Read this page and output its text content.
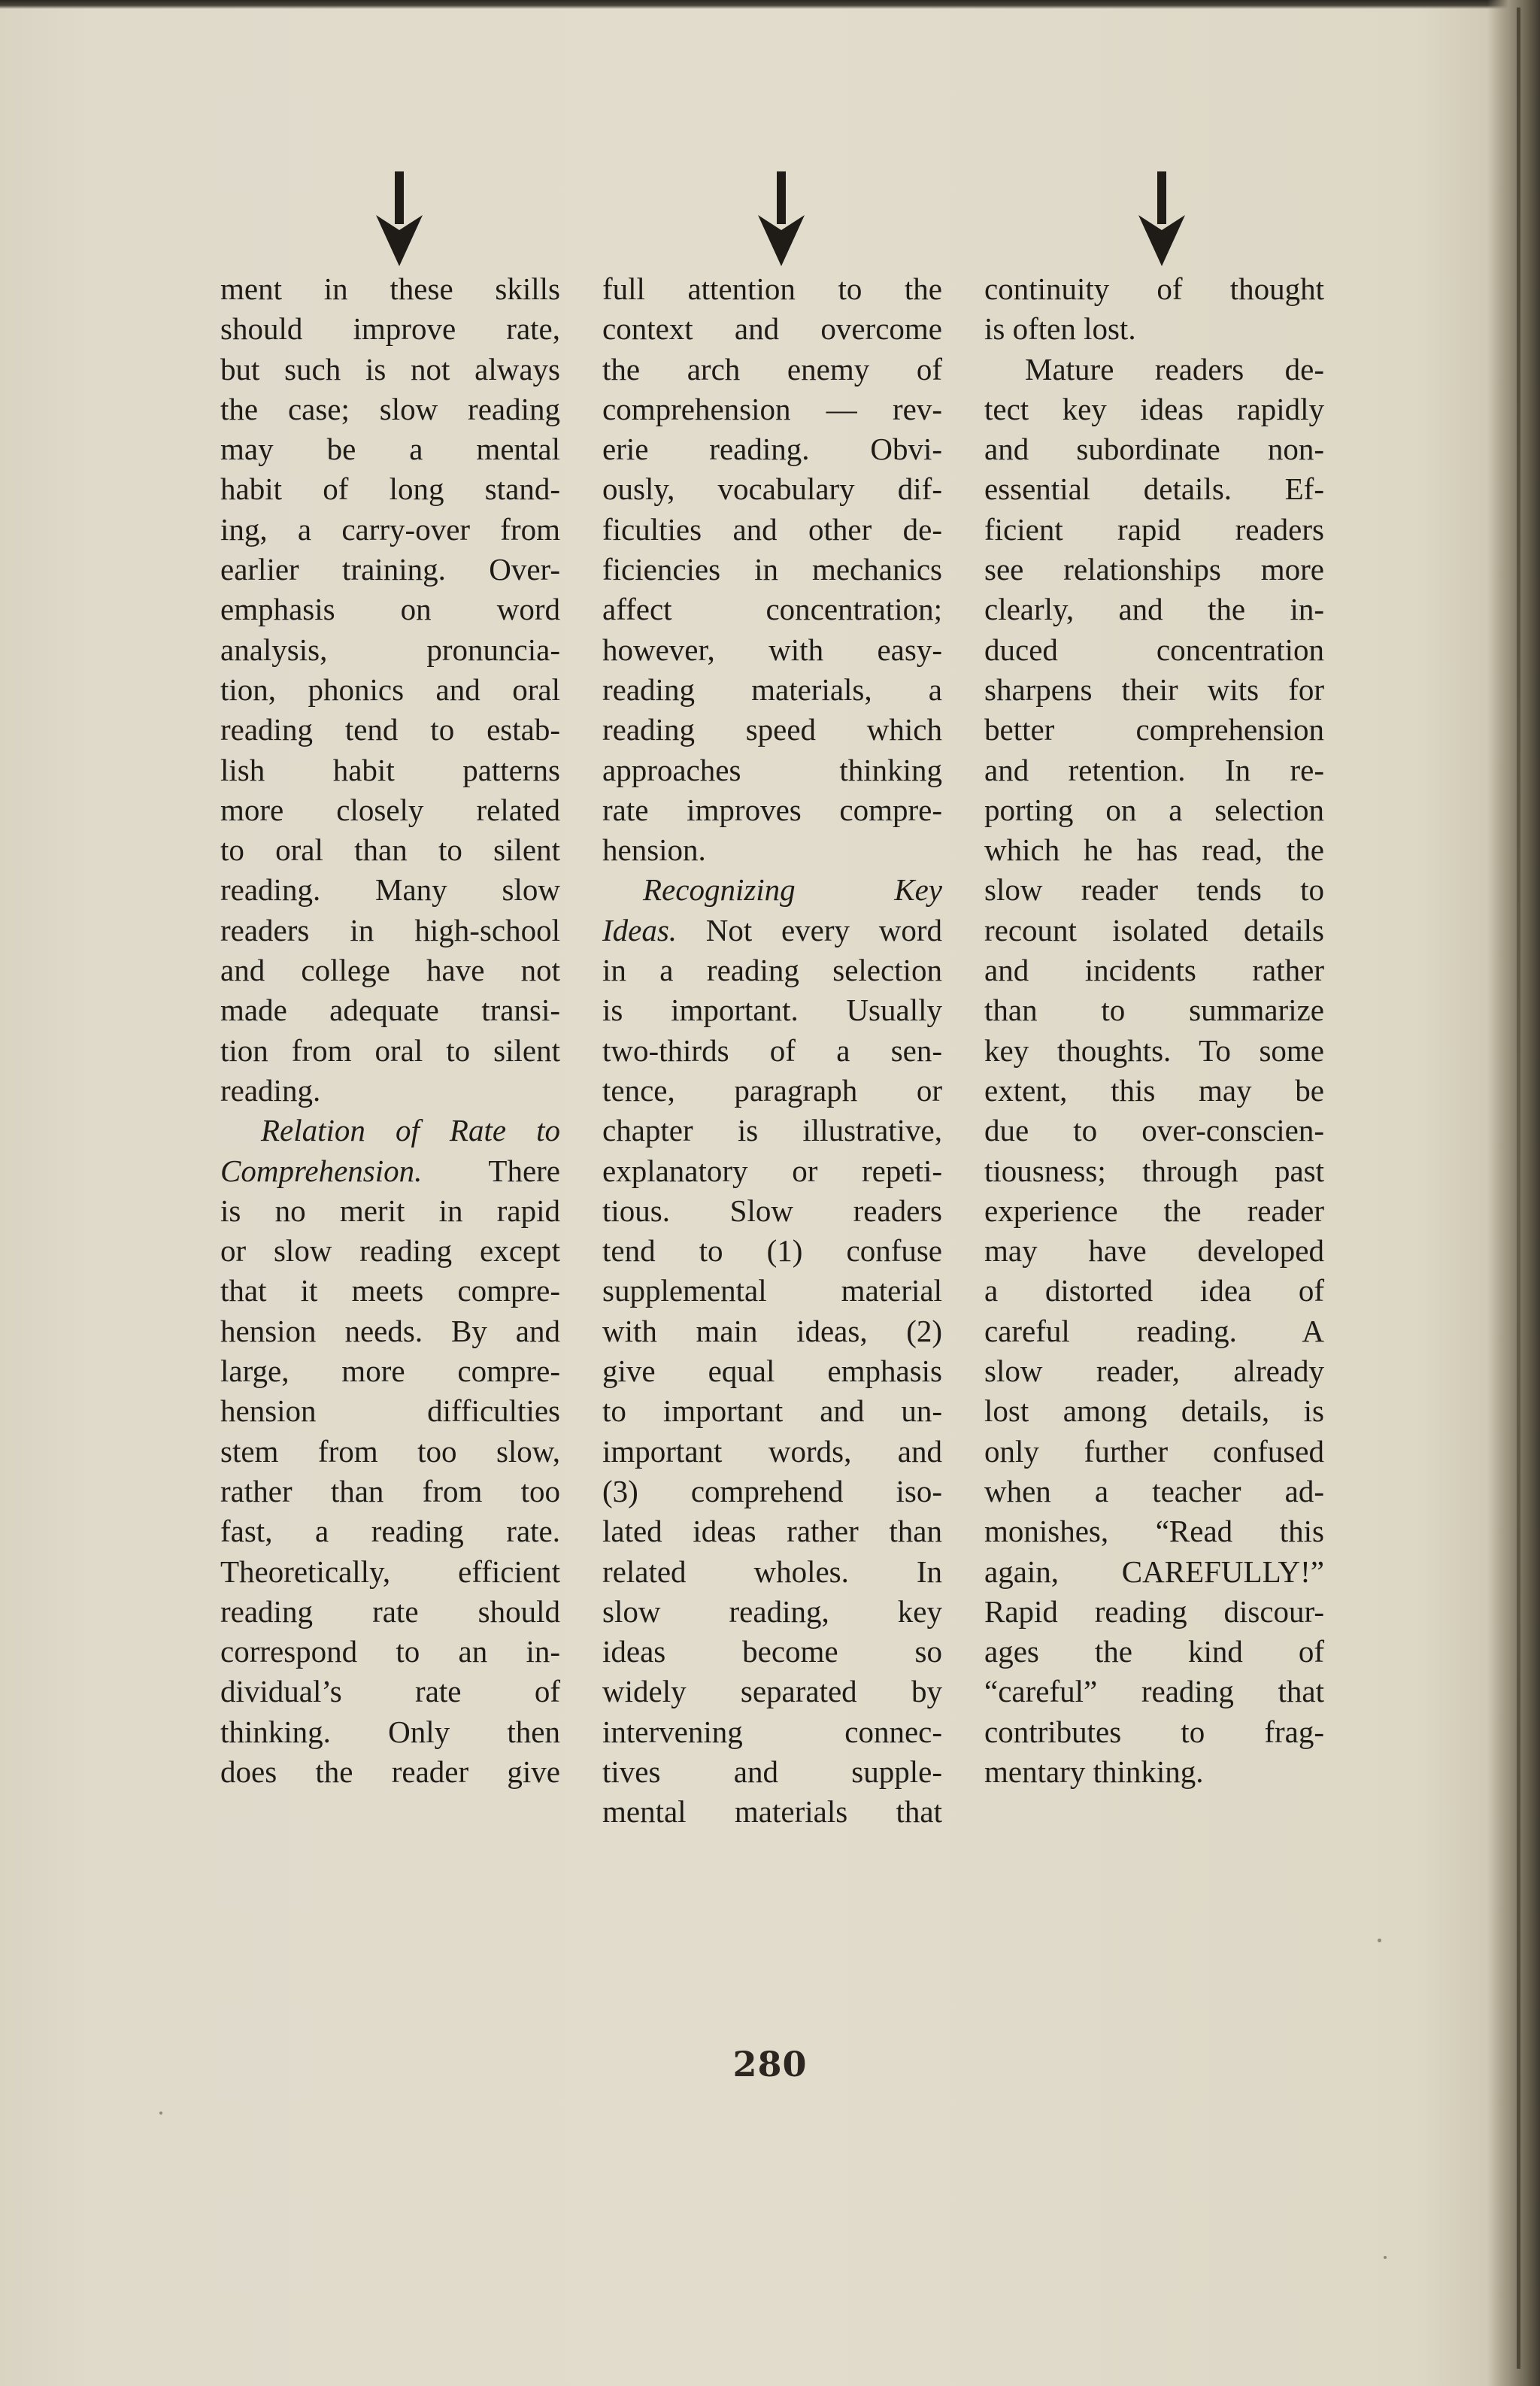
ment in these skills
should improve rate,
but such is not always
the case; slow reading
may be a mental
habit of long stand-
ing, a carry-over from
earlier training. Over-
emphasis on word
analysis, pronuncia-
tion, phonics and oral
reading tend to estab-
lish habit patterns
more closely related
to oral than to silent
reading. Many slow
readers in high-school
and college have not
made adequate transi-
tion from oral to silent
reading.

Relation of Rate to
Comprehension. There
is no merit in rapid
or slow reading except
that it meets compre-
hension needs. By and
large, more compre-
hension difficulties
stem from too slow,
rather than from too
fast, a reading rate.
Theoretically, efficient
reading rate should
correspond to an in-
dividual’s rate of
thinking. Only then
does the reader give

full attention to the
context and overcome
the arch enemy of
comprehension — rev-
erie reading. Obvi-
ously, vocabulary dif-
ficulties and other de-
ficiencies in mechanics
affect concentration;
however, with easy-
reading materials, a
reading speed which
approaches thinking
rate improves compre-
hension.

Recognizing Key
Ideas. Not every word
in a reading selection
is important. Usually
two-thirds of a sen-
tence, paragraph or
chapter is illustrative,
explanatory or repeti-
tious. Slow readers
tend to (1) confuse
supplemental material
with main ideas, (2)
give equal emphasis
to important and un-
important words, and
(3) comprehend iso-
lated ideas rather than
related wholes. In
slow reading, key
ideas become so
widely separated by
intervening connec-
tives and supple-
mental materials that

continuity of thought
is often lost.

Mature readers de-
tect key ideas rapidly
and subordinate non-
essential details. Ef-
ficient rapid readers
see relationships more
clearly, and the in-
duced concentration
sharpens their wits for
better comprehension
and retention. In re-
porting on a selection
which he has read, the
slow reader tends to
recount isolated details
and incidents rather
than to summarize
key thoughts. To some
extent, this may be
due to over-conscien-
tiousness; through past
experience the reader
may have developed
a distorted idea of
careful reading. A
slow reader, already
lost among details, is
only further confused
when a teacher ad-
monishes, “Read this
again, CAREFULLY!”
Rapid reading discour-
ages the kind of
“careful” reading that
contributes to frag-
mentary thinking.

280
